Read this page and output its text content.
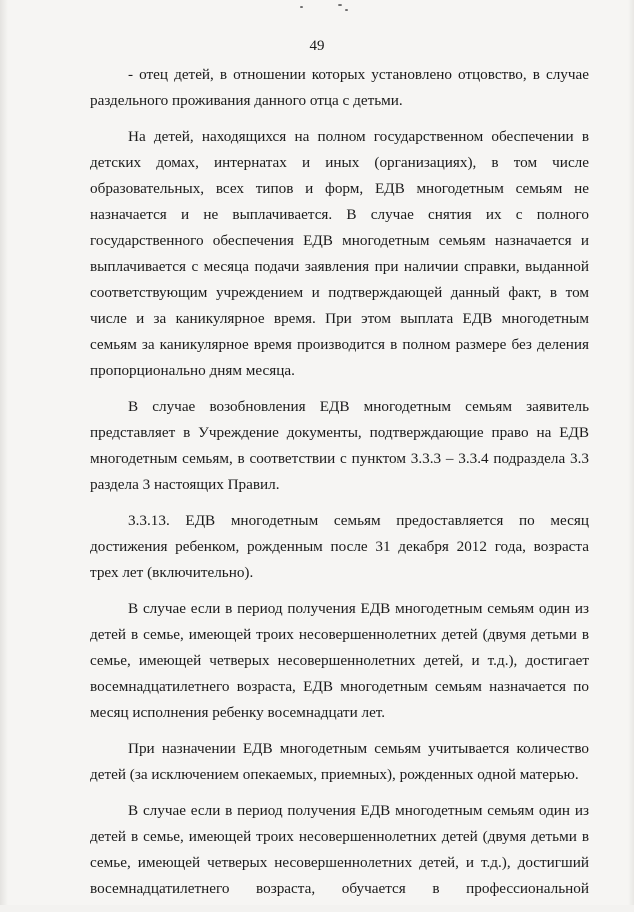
49

- отец детей, в отношении которых установлено отцовство, в случае раздельного проживания данного отца с детьми.

На детей, находящихся на полном государственном обеспечении в детских домах, интернатах и иных (организациях), в том числе образовательных, всех типов и форм, ЕДВ многодетным семьям не назначается и не выплачивается. В случае снятия их с полного государственного обеспечения ЕДВ многодетным семьям назначается и выплачивается с месяца подачи заявления при наличии справки, выданной соответствующим учреждением и подтверждающей данный факт, в том числе и за каникулярное время. При этом выплата ЕДВ многодетным семьям за каникулярное время производится в полном размере без деления пропорционально дням месяца.

В случае возобновления ЕДВ многодетным семьям заявитель представляет в Учреждение документы, подтверждающие право на ЕДВ многодетным семьям, в соответствии с пунктом 3.3.3 – 3.3.4 подраздела 3.3 раздела 3 настоящих Правил.

3.3.13. ЕДВ многодетным семьям предоставляется по месяц достижения ребенком, рожденным после 31 декабря 2012 года, возраста трех лет (включительно).

В случае если в период получения ЕДВ многодетным семьям один из детей в семье, имеющей троих несовершеннолетних детей (двумя детьми в семье, имеющей четверых несовершеннолетних детей, и т.д.), достигает восемнадцатилетнего возраста, ЕДВ многодетным семьям назначается по месяц исполнения ребенку восемнадцати лет.

При назначении ЕДВ многодетным семьям учитывается количество детей (за исключением опекаемых, приемных), рожденных одной матерью.

В случае если в период получения ЕДВ многодетным семьям один из детей в семье, имеющей троих несовершеннолетних детей (двумя детьми в семье, имеющей четверых несовершеннолетних детей, и т.д.), достигший восемнадцатилетнего возраста, обучается в профессиональной
